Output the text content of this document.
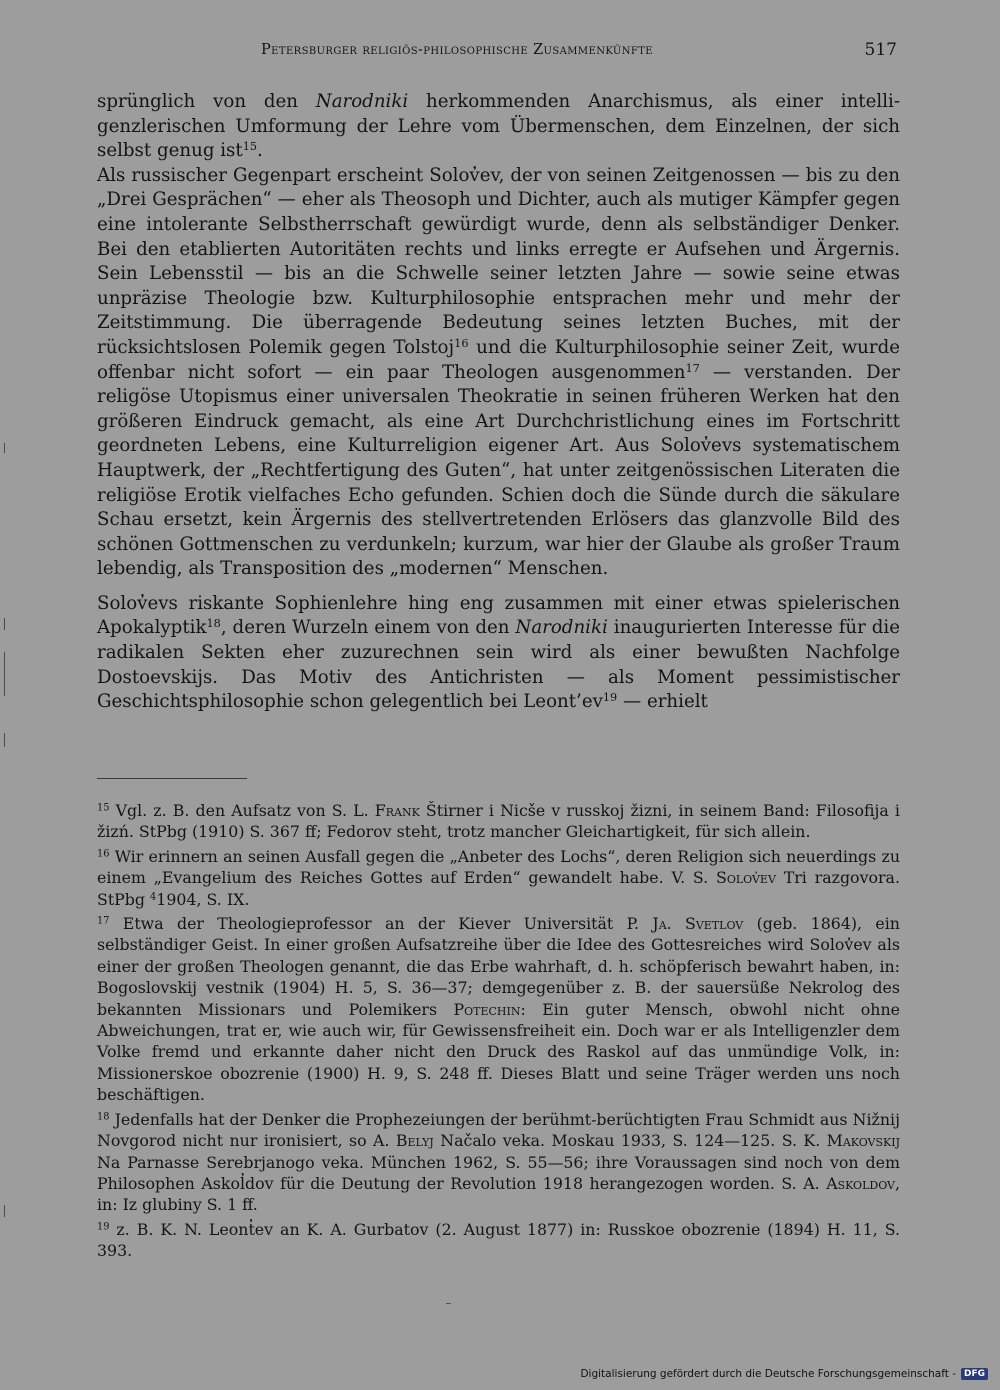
Petersburger religiös-philosophische Zusammenkünfte	517

sprünglich von den Narodniki herkommenden Anarchismus, als einer intelligenzlerischen Umformung der Lehre vom Übermenschen, dem Einzelnen, der sich selbst genug ist$^{15}$.

Als russischer Gegenpart erscheint Solov̓ev, der von seinen Zeitgenossen — bis zu den „Drei Gesprächen“ — eher als Theosoph und Dichter, auch als mutiger Kämpfer gegen eine intolerante Selbstherrschaft gewürdigt wurde, denn als selbständiger Denker. Bei den etablierten Autoritäten rechts und links erregte er Aufsehen und Ärgernis. Sein Lebensstil — bis an die Schwelle seiner letzten Jahre — sowie seine etwas unpräzise Theologie bzw. Kulturphilosophie entsprachen mehr und mehr der Zeitstimmung. Die überragende Bedeutung seines letzten Buches, mit der rücksichtslosen Polemik gegen Tolstoj$^{16}$ und die Kulturphilosophie seiner Zeit, wurde offenbar nicht sofort — ein paar Theologen ausgenommen$^{17}$ — verstanden. Der religöse Utopismus einer universalen Theokratie in seinen früheren Werken hat den größeren Eindruck gemacht, als eine Art Durchchristlichung eines im Fortschritt geordneten Lebens, eine Kulturreligion eigener Art. Aus Solov̓evs systematischem Hauptwerk, der „Rechtfertigung des Guten“, hat unter zeitgenössischen Literaten die religiöse Erotik vielfaches Echo gefunden. Schien doch die Sünde durch die säkulare Schau ersetzt, kein Ärgernis des stellvertretenden Erlösers das glanzvolle Bild des schönen Gottmenschen zu verdunkeln; kurzum, war hier der Glaube als großer Traum lebendig, als Transposition des „modernen“ Menschen.

Solov̓evs riskante Sophienlehre hing eng zusammen mit einer etwas spielerischen Apokalyptik$^{18}$, deren Wurzeln einem von den Narodniki inaugurierten Interesse für die radikalen Sekten eher zuzurechnen sein wird als einer bewußten Nachfolge Dostoevskijs. Das Motiv des Antichristen — als Moment pessimistischer Geschichtsphilosophie schon gelegentlich bei $Leont’ev^{19}$ — erhielt

$^{15}$ Vgl. z. B. den Aufsatz von S. L. Frank Štirner i Nicše v russkoj žizni, in seinem Band: Filosofija i žizń. StPbg (1910) S. 367 ff; Fedorov steht, trotz mancher Gleichartigkeit, für sich allein.

$^{16}$ Wir erinnern an seinen Ausfall gegen die „Anbeter des Lochs“, deren Religion sich neuerdings zu einem „Evangelium des Reiches Gottes auf Erden“ gewandelt habe. V. S. Solov̓ev Tri razgovora. StPbg $^4$1904, S. IX.

$^{17}$ Etwa der Theologieprofessor an der Kiever Universität P. Ja. Svetlov (geb. 1864), ein selbständiger Geist. In einer großen Aufsatzreihe über die Idee des Gottesreiches wird Solov̓ev als einer der großen Theologen genannt, die das Erbe wahrhaft, d. h. schöpferisch bewahrt haben, in: Bogoslovskij vestnik (1904) H. 5, S. 36—37; demgegenüber z. B. der sauersüße Nekrolog des bekannten Missionars und Polemikers Potechin: Ein guter Mensch, obwohl nicht ohne Abweichungen, trat er, wie auch wir, für Gewissensfreiheit ein. Doch war er als Intelligenzler dem Volke fremd und erkannte daher nicht den Druck des Raskol auf das unmündige Volk, in: Missionerskoe obozrenie (1900) H. 9, S. 248 ff. Dieses Blatt und seine Träger werden uns noch beschäftigen.

$^{18}$ Jedenfalls hat der Denker die Prophezeiungen der berühmt-berüchtigten Frau Schmidt aus Nižnij Novgorod nicht nur ironisiert, so A. Belyj Načalo veka. Moskau 1933, S. 124—125. S. K. Makovskij Na Parnasse Serebrjanogo veka. München 1962, S. 55—56; ihre Voraussagen sind noch von dem Philosophen Askol̓dov für die Deutung der Revolution 1918 herangezogen worden. S. A. Askoldov, in: Iz glubiny S. 1 ff.

$^{19}$ z. B. K. N. Leont̓ev an K. A. Gurbatov (2. August 1877) in: Russkoe obozrenie (1894) H. 11, S. 393.

Digitalisierung gefördert durch die Deutsche Forschungsgemeinschaft - DFG
